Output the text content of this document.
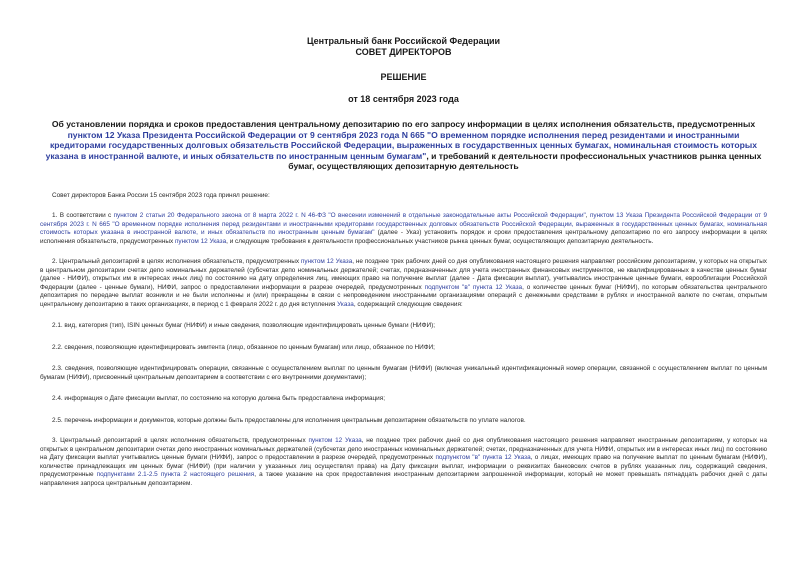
Центральный банк Российской Федерации
СОВЕТ ДИРЕКТОРОВ
РЕШЕНИЕ
от 18 сентября 2023 года
Об установлении порядка и сроков предоставления центральному депозитарию по его запросу информации в целях исполнения обязательств, предусмотренных пунктом 12 Указа Президента Российской Федерации от 9 сентября 2023 года N 665 "О временном порядке исполнения перед резидентами и иностранными кредиторами государственных долговых обязательств Российской Федерации, выраженных в государственных ценных бумагах, номинальная стоимость которых указана в иностранной валюте, и иных обязательств по иностранным ценным бумагам", и требований к деятельности профессиональных участников рынка ценных бумаг, осуществляющих депозитарную деятельность
Совет директоров Банка России 15 сентября 2023 года принял решение:
1. В соответствии с пунктом 2 статьи 20 Федерального закона от 8 марта 2022 г. N 46-ФЗ "О внесении изменений в отдельные законодательные акты Российской Федерации", пунктом 13 Указа Президента Российской Федерации от 9 сентября 2023 г. N 665 "О временном порядке исполнения перед резидентами и иностранными кредиторами государственных долговых обязательств Российской Федерации, выраженных в государственных ценных бумагах, номинальная стоимость которых указана в иностранной валюте, и иных обязательств по иностранным ценным бумагам" (далее - Указ) установить порядок и сроки предоставления центральному депозитарию по его запросу информации в целях исполнения обязательств, предусмотренных пунктом 12 Указа, и следующие требования к деятельности профессиональных участников рынка ценных бумаг, осуществляющих депозитарную деятельность.
2. Центральный депозитарий в целях исполнения обязательств, предусмотренных пунктом 12 Указа, не позднее трех рабочих дней со дня опубликования настоящего решения направляет российским депозитариям, у которых на открытых в центральном депозитарии счетах депо номинальных держателей (субсчетах депо номинальных держателей; счетах, предназначенных для учета иностранных финансовых инструментов, не квалифицированных в качестве ценных бумаг (далее - НИФИ), открытых им в интересах иных лиц) по состоянию на дату определения лиц, имеющих право на получение выплат (далее - Дата фиксации выплат), учитывались иностранные ценные бумаги, еврооблигации Российской Федерации (далее - ценные бумаги), НИФИ, запрос о предоставлении информации в разрезе очередей, предусмотренных подпунктом "в" пункта 12 Указа, о количестве ценных бумаг (НИФИ), по которым обязательства центрального депозитария по передаче выплат возникли и не были исполнены и (или) прекращены в связи с непроведением иностранными организациями операций с денежными средствами в рублях и иностранной валюте по счетам, открытым центральному депозитарию в таких организациях, в период с 1 февраля 2022 г. до дня вступления Указа, содержащий следующие сведения:
2.1. вид, категория (тип), ISIN ценных бумаг (НИФИ) и иные сведения, позволяющие идентифицировать ценные бумаги (НИФИ);
2.2. сведения, позволяющие идентифицировать эмитента (лицо, обязанное по ценным бумагам) или лицо, обязанное по НИФИ;
2.3. сведения, позволяющие идентифицировать операции, связанные с осуществлением выплат по ценным бумагам (НИФИ) (включая уникальный идентификационный номер операции, связанной с осуществлением выплат по ценным бумагам (НИФИ), присвоенный центральным депозитарием в соответствии с его внутренними документами);
2.4. информация о Дате фиксации выплат, по состоянию на которую должна быть предоставлена информация;
2.5. перечень информации и документов, которые должны быть предоставлены для исполнения центральным депозитарием обязательств по уплате налогов.
3. Центральный депозитарий в целях исполнения обязательств, предусмотренных пунктом 12 Указа, не позднее трех рабочих дней со дня опубликования настоящего решения направляет иностранным депозитариям, у которых на открытых в центральном депозитарии счетах депо иностранных номинальных держателей (субсчетах депо иностранных номинальных держателей; счетах, предназначенных для учета НИФИ, открытых им в интересах иных лиц) по состоянию на Дату фиксации выплат учитывались ценные бумаги (НИФИ), запрос о предоставлении в разрезе очередей, предусмотренных подпунктом "в" пункта 12 Указа, о лицах, имеющих право на получение выплат по ценным бумагам (НИФИ), количестве принадлежащих им ценных бумаг (НИФИ) (при наличии у указанных лиц осуществлял права) на Дату фиксации выплат, информации о реквизитах банковских счетов в рублях указанных лиц, содержащий сведения, предусмотренные подпунктами 2.1-2.5 пункта 2 настоящего решения, а также указание на срок предоставления иностранным депозитарием запрошенной информации, который не может превышать пятнадцать рабочих дней с даты направления запроса центральным депозитарием.
